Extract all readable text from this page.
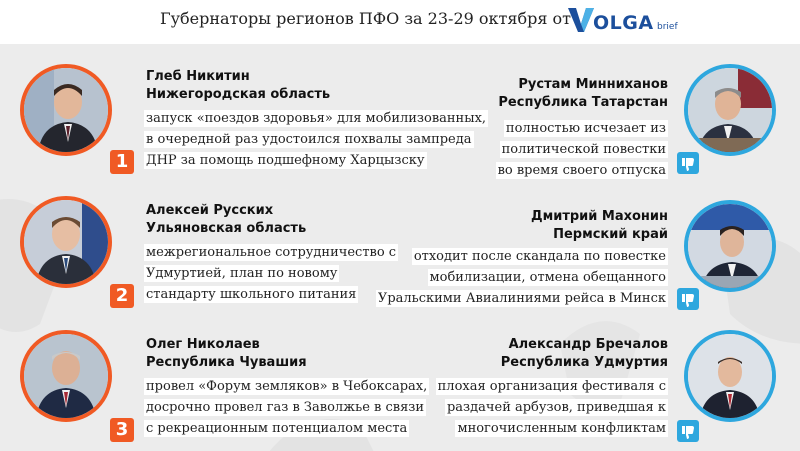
Губернаторы регионов ПФО за 23-29 октября от OLGA brief
1
Глеб Никитин
Нижегородская область
запуск «поездов здоровья» для мобилизованных,
в очередной раз удостоился похвалы зампреда
ДНР за помощь подшефному Харцызску
2
Алексей Русских
Ульяновская область
межрегиональное сотрудничество с
Удмуртией, план по новому
стандарту школьного питания
3
Олег Николаев
Республика Чувашия
провел «Форум земляков» в Чебоксарах,
досрочно провел газ в Заволжье в связи
с рекреационным потенциалом места
Рустам Минниханов
Республика Татарстан
полностью исчезает из
политической повестки
во время своего отпуска
Дмитрий Махонин
Пермский край
отходит после скандала по повестке
мобилизации, отмена обещанного
Уральскими Авиалиниями рейса в Минск
Александр Бречалов
Республика Удмуртия
плохая организация фестиваля с
раздачей арбузов, приведшая к
многочисленным конфликтам
